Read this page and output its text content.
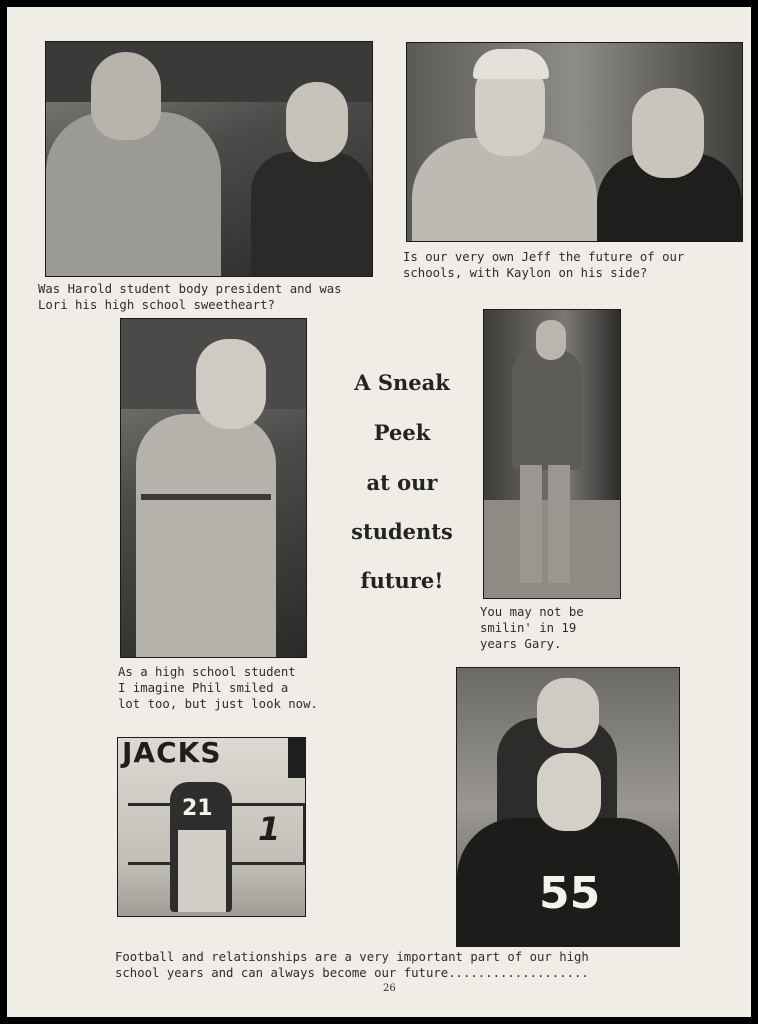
Was Harold student body president and was
Lori his high school sweetheart?

Is our very own Jeff the future of our
schools, with Kaylon on his side?

As a high school student
I imagine Phil smiled a
lot too, but just look now.

A Sneak
Peek
at our
students
future!

You may not be
smilin' in 19
years Gary.

JACKS
1
21
55

Football and relationships are a very important part of our high
school years and can always become our future...................

26
